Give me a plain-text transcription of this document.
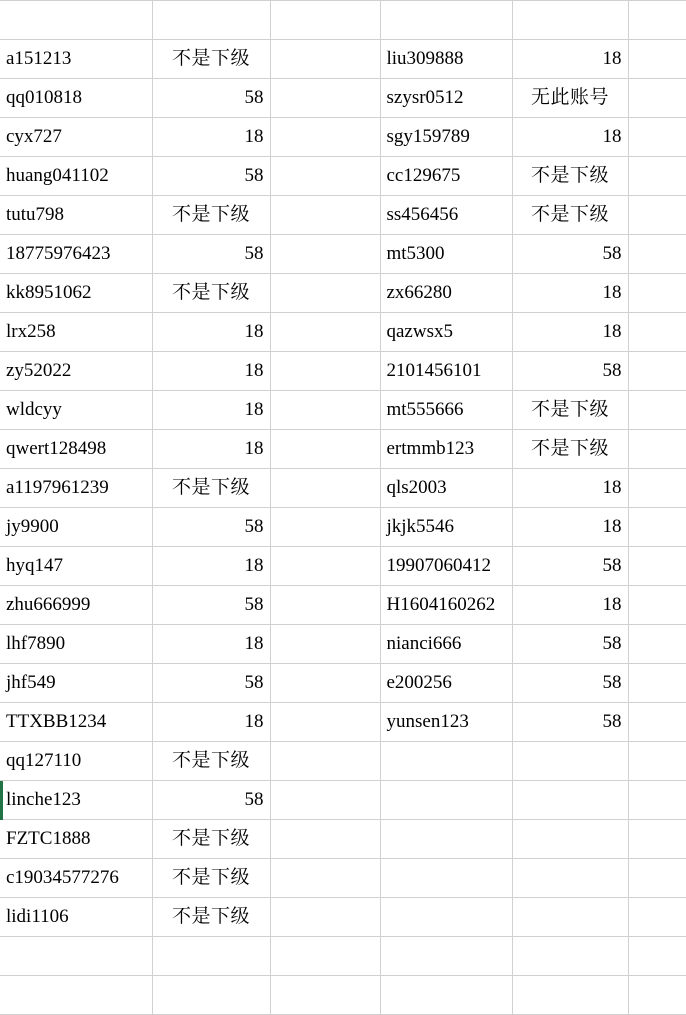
a151213	不是下级		liu309888	18	
qq010818	58		szysr0512	无此账号	
cyx727	18		sgy159789	18	
huang041102	58		cc129675	不是下级	
tutu798	不是下级		ss456456	不是下级	
18775976423	58		mt5300	58	
kk8951062	不是下级		zx66280	18	
lrx258	18		qazwsx5	18	
zy52022	18		2101456101	58	
wldcyy	18		mt555666	不是下级	
qwert128498	18		ertmmb123	不是下级	
a1197961239	不是下级		qls2003	18	
jy9900	58		jkjk5546	18	
hyq147	18		19907060412	58	
zhu666999	58		H1604160262	18	
lhf7890	18		nianci666	58	
jhf549	58		e200256	58	
TTXBB1234	18		yunsen123	58	
qq127110	不是下级				
linche123	58				
FZTC1888	不是下级				
c19034577276	不是下级				
lidi1106	不是下级				
